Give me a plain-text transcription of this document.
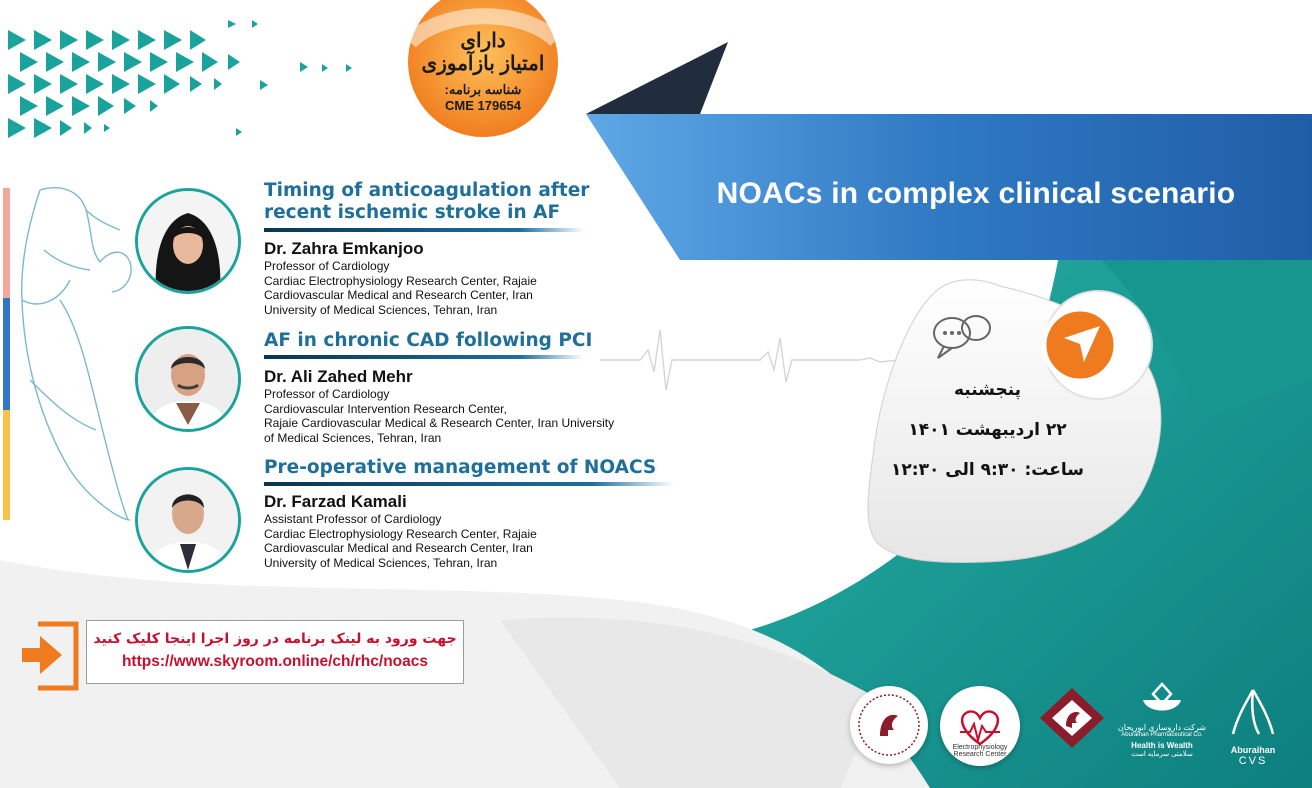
دارای
امتیاز بازآموزی
شناسه برنامه:
CME 179654
NOACs in complex clinical scenario
Timing of anticoagulation after
recent ischemic stroke in AF
Dr. Zahra Emkanjoo
Professor of Cardiology
Cardiac Electrophysiology Research Center, Rajaie
Cardiovascular Medical and Research Center, Iran
University of Medical Sciences, Tehran, Iran
AF in chronic CAD following PCI
Dr. Ali Zahed Mehr
Professor of Cardiology
Cardiovascular Intervention Research Center,
Rajaie Cardiovascular Medical & Research Center, Iran University
of Medical Sciences, Tehran, Iran
Pre-operative management of NOACS
Dr. Farzad Kamali
Assistant Professor of Cardiology
Cardiac Electrophysiology Research Center, Rajaie
Cardiovascular Medical and Research Center, Iran
University of Medical Sciences, Tehran, Iran
پنجشنبه
۲۲ اردیبهشت ۱۴۰۱
ساعت: ۹:۳۰ الی ۱۲:۳۰
جهت ورود به لینک برنامه در روز اجرا اینجا کلیک کنید
https://www.skyroom.online/ch/rhc/noacs
Electrophysiology Research Center
شرکت داروسازی ابوریحان
Aburaihan Pharmaceutical Co.
Health is Wealth
سلامتی سرمایه است	Aburaihan
CVS
